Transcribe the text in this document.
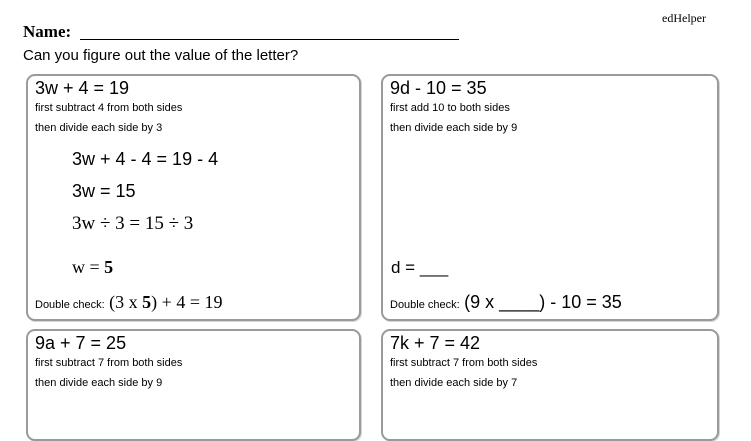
Name:
edHelper
Can you figure out the value of the letter?
3w + 4 = 19
first subtract 4 from both sides
then divide each side by 3
3w + 4 - 4 = 19 - 4
3w = 15
3w ÷ 3 = 15 ÷ 3
w = 5
Double check: (3 x 5) + 4 = 19
9d - 10 = 35
first add 10 to both sides
then divide each side by 9
d = ___
Double check: (9 x ____) - 10 = 35
9a + 7 = 25
first subtract 7 from both sides
then divide each side by 9
7k + 7 = 42
first subtract 7 from both sides
then divide each side by 7
